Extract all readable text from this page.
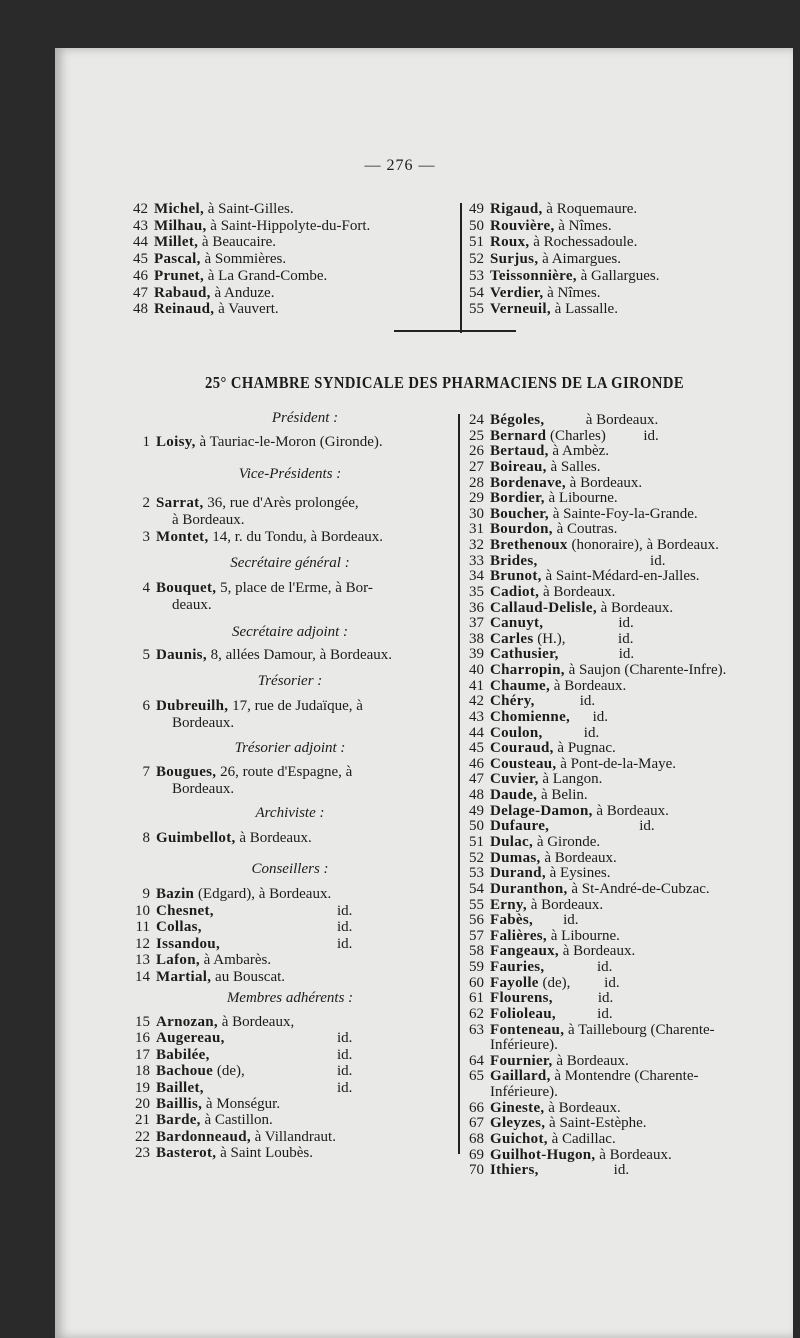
— 276 —
42 Michel, à Saint-Gilles.
43 Milhau, à Saint-Hippolyte-du-Fort.
44 Millet, à Beaucaire.
45 Pascal, à Sommières.
46 Prunet, à La Grand-Combe.
47 Rabaud, à Anduze.
48 Reinaud, à Vauvert.
49 Rigaud, à Roquemaure.
50 Rouvière, à Nîmes.
51 Roux, à Rochessadoule.
52 Surjus, à Aimargues.
53 Teissonnière, à Gallargues.
54 Verdier, à Nîmes.
55 Verneuil, à Lassalle.
25° CHAMBRE SYNDICALE DES PHARMACIENS DE LA GIRONDE
Président :
1 Loisy, à Tauriac-le-Moron (Gironde).
Vice-Présidents :
2 Sarrat, 36, rue d'Arès prolongée,
à Bordeaux.
3 Montet, 14, r. du Tondu, à Bordeaux.
Secrétaire général :
4 Bouquet, 5, place de l'Erme, à Bor-
deaux.
Secrétaire adjoint :
5 Daunis, 8, allées Damour, à Bordeaux.
Trésorier :
6 Dubreuilh, 17, rue de Judaïque, à
Bordeaux.
Trésorier adjoint :
7 Bougues, 26, route d'Espagne, à
Bordeaux.
Archiviste :
8 Guimbellot, à Bordeaux.
Conseillers :
9 Bazin (Edgard), à Bordeaux.
10 Chesnet,	id.
11 Collas,	id.
12 Issandou,	id.
13 Lafon, à Ambarès.
14 Martial, au Bouscat.
Membres adhérents :
15 Arnozan, à Bordeaux,
16 Augereau,	id.
17 Babilée,	id.
18 Bachoue (de),	id.
19 Baillet,	id.
20 Baillis, à Monségur.
21 Barde, à Castillon.
22 Bardonneaud, à Villandraut.
23 Basterot, à Saint Loubès.
24 Bégoles,           à Bordeaux.
25 Bernard (Charles)          id.
26 Bertaud, à Ambèz.
27 Boireau, à Salles.
28 Bordenave, à Bordeaux.
29 Bordier, à Libourne.
30 Boucher, à Sainte-Foy-la-Grande.
31 Bourdon, à Coutras.
32 Brethenoux (honoraire), à Bordeaux.
33 Brides,                              id.
34 Brunot, à Saint-Médard-en-Jalles.
35 Cadiot, à Bordeaux.
36 Callaud-Delisle, à Bordeaux.
37 Canuyt,                    id.
38 Carles (H.),              id.
39 Cathusier,                id.
40 Charropin, à Saujon (Charente-Infre).
41 Chaume, à Bordeaux.
42 Chéry,            id.
43 Chomienne,      id.
44 Coulon,           id.
45 Couraud, à Pugnac.
46 Cousteau, à Pont-de-la-Maye.
47 Cuvier, à Langon.
48 Daude, à Belin.
49 Delage-Damon, à Bordeaux.
50 Dufaure,                        id.
51 Dulac, à Gironde.
52 Dumas, à Bordeaux.
53 Durand, à Eysines.
54 Duranthon, à St-André-de-Cubzac.
55 Erny, à Bordeaux.
56 Fabès,        id.
57 Falières, à Libourne.
58 Fangeaux, à Bordeaux.
59 Fauries,              id.
60 Fayolle (de),         id.
61 Flourens,            id.
62 Folioleau,           id.
63 Fonteneau, à Taillebourg (Charente-
Inférieure).
64 Fournier, à Bordeaux.
65 Gaillard, à Montendre (Charente-
Inférieure).
66 Gineste, à Bordeaux.
67 Gleyzes, à Saint-Estèphe.
68 Guichot, à Cadillac.
69 Guilhot-Hugon, à Bordeaux.
70 Ithiers,                    id.
